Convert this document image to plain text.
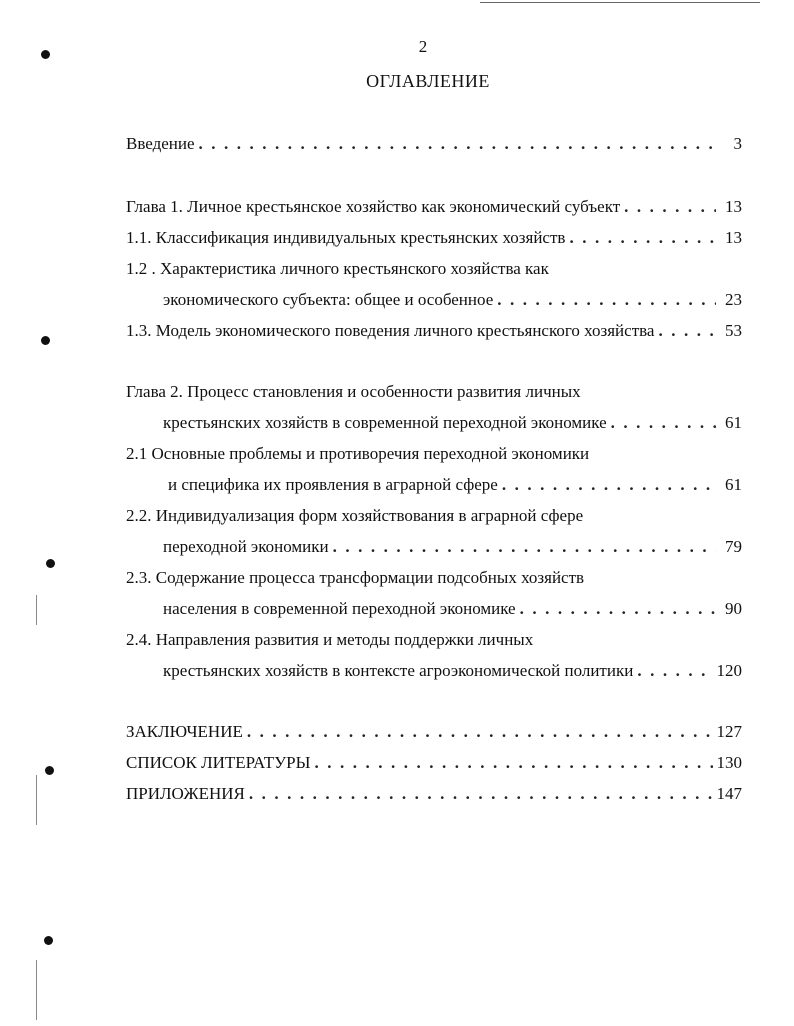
2
ОГЛАВЛЕНИЕ
Введение .....	3
Глава 1. Личное крестьянское хозяйство как экономический субъект .....	13
1.1. Классификация индивидуальных крестьянских хозяйств .....	13
1.2 . Характеристика личного крестьянского хозяйства как
экономического субъекта: общее и особенное .....	23
1.3. Модель экономического поведения личного крестьянского хозяйства .....	53
Глава 2. Процесс становления и особенности развития личных
крестьянских хозяйств в современной переходной экономике .....	61
2.1 Основные проблемы и противоречия переходной экономики
и специфика их проявления в аграрной сфере .....	61
2.2. Индивидуализация форм хозяйствования в аграрной сфере
переходной экономики .....	79
2.3. Содержание процесса трансформации подсобных хозяйств
населения в современной переходной экономике .....	90
2.4. Направления развития и методы поддержки личных
крестьянских хозяйств в контексте агроэкономической политики .....	120
ЗАКЛЮЧЕНИЕ .....	127
СПИСОК ЛИТЕРАТУРЫ .....	130
ПРИЛОЖЕНИЯ .....	147
